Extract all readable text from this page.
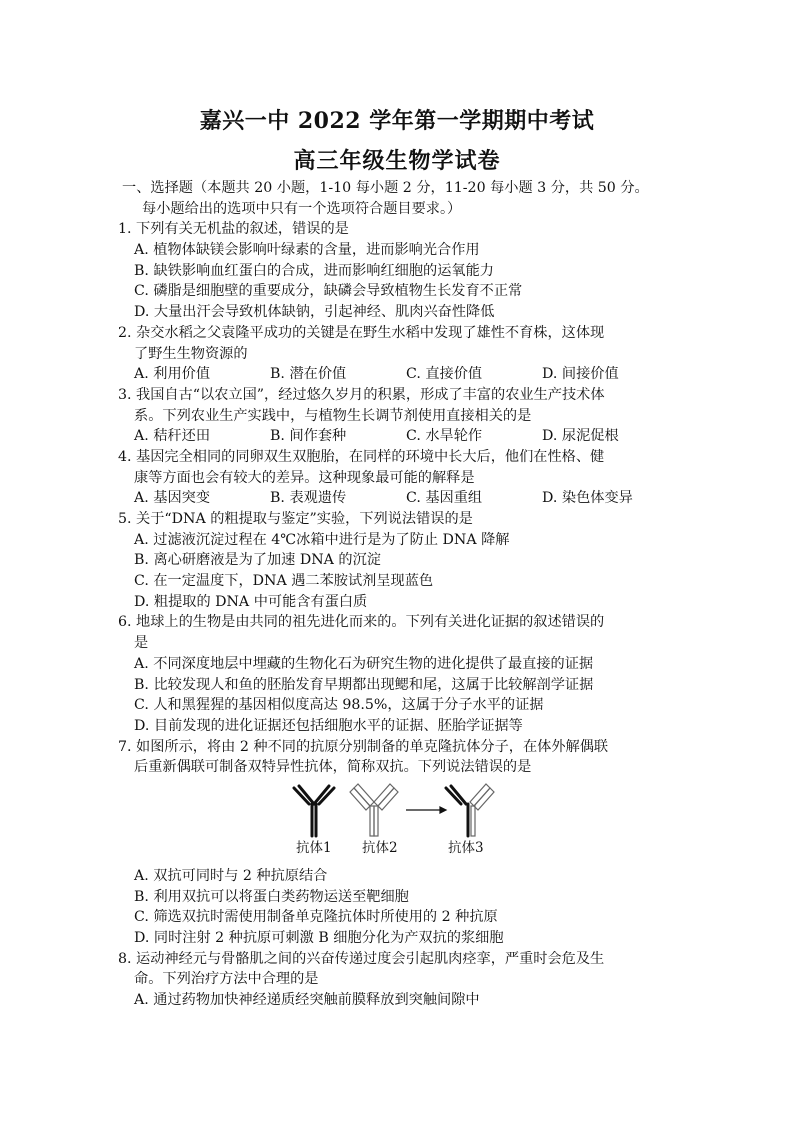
嘉兴一中 2022 学年第一学期期中考试
高三年级生物学试卷
一、选择题（本题共 20 小题，1-10 每小题 2 分，11-20 每小题 3 分，共 50 分。
每小题给出的选项中只有一个选项符合题目要求。）
1. 下列有关无机盐的叙述，错误的是
A. 植物体缺镁会影响叶绿素的含量，进而影响光合作用
B. 缺铁影响血红蛋白的合成，进而影响红细胞的运氧能力
C. 磷脂是细胞壁的重要成分，缺磷会导致植物生长发育不正常
D. 大量出汗会导致机体缺钠，引起神经、肌肉兴奋性降低
2. 杂交水稻之父袁隆平成功的关键是在野生水稻中发现了雄性不育株，这体现
了野生生物资源的
A. 利用价值	B. 潜在价值	C. 直接价值	D. 间接价值
3. 我国自古“以农立国”，经过悠久岁月的积累，形成了丰富的农业生产技术体
系。下列农业生产实践中，与植物生长调节剂使用直接相关的是
A. 秸秆还田	B. 间作套种	C. 水旱轮作	D. 尿泥促根
4. 基因完全相同的同卵双生双胞胎，在同样的环境中长大后，他们在性格、健
康等方面也会有较大的差异。这种现象最可能的解释是
A. 基因突变	B. 表观遗传	C. 基因重组	D. 染色体变异
5. 关于“DNA 的粗提取与鉴定”实验，下列说法错误的是
A. 过滤液沉淀过程在 4℃冰箱中进行是为了防止 DNA 降解
B. 离心研磨液是为了加速 DNA 的沉淀
C. 在一定温度下，DNA 遇二苯胺试剂呈现蓝色
D. 粗提取的 DNA 中可能含有蛋白质
6. 地球上的生物是由共同的祖先进化而来的。下列有关进化证据的叙述错误的
是
A. 不同深度地层中埋藏的生物化石为研究生物的进化提供了最直接的证据
B. 比较发现人和鱼的胚胎发育早期都出现鳃和尾，这属于比较解剖学证据
C. 人和黑猩猩的基因相似度高达 98.5%，这属于分子水平的证据
D. 目前发现的进化证据还包括细胞水平的证据、胚胎学证据等
7. 如图所示，将由 2 种不同的抗原分别制备的单克隆抗体分子，在体外解偶联
后重新偶联可制备双特异性抗体，简称双抗。下列说法错误的是
抗体1 抗体2	抗体3
A. 双抗可同时与 2 种抗原结合
B. 利用双抗可以将蛋白类药物运送至靶细胞
C. 筛选双抗时需使用制备单克隆抗体时所使用的 2 种抗原
D. 同时注射 2 种抗原可刺激 B 细胞分化为产双抗的浆细胞
8. 运动神经元与骨骼肌之间的兴奋传递过度会引起肌肉痉挛，严重时会危及生
命。下列治疗方法中合理的是
A. 通过药物加快神经递质经突触前膜释放到突触间隙中
